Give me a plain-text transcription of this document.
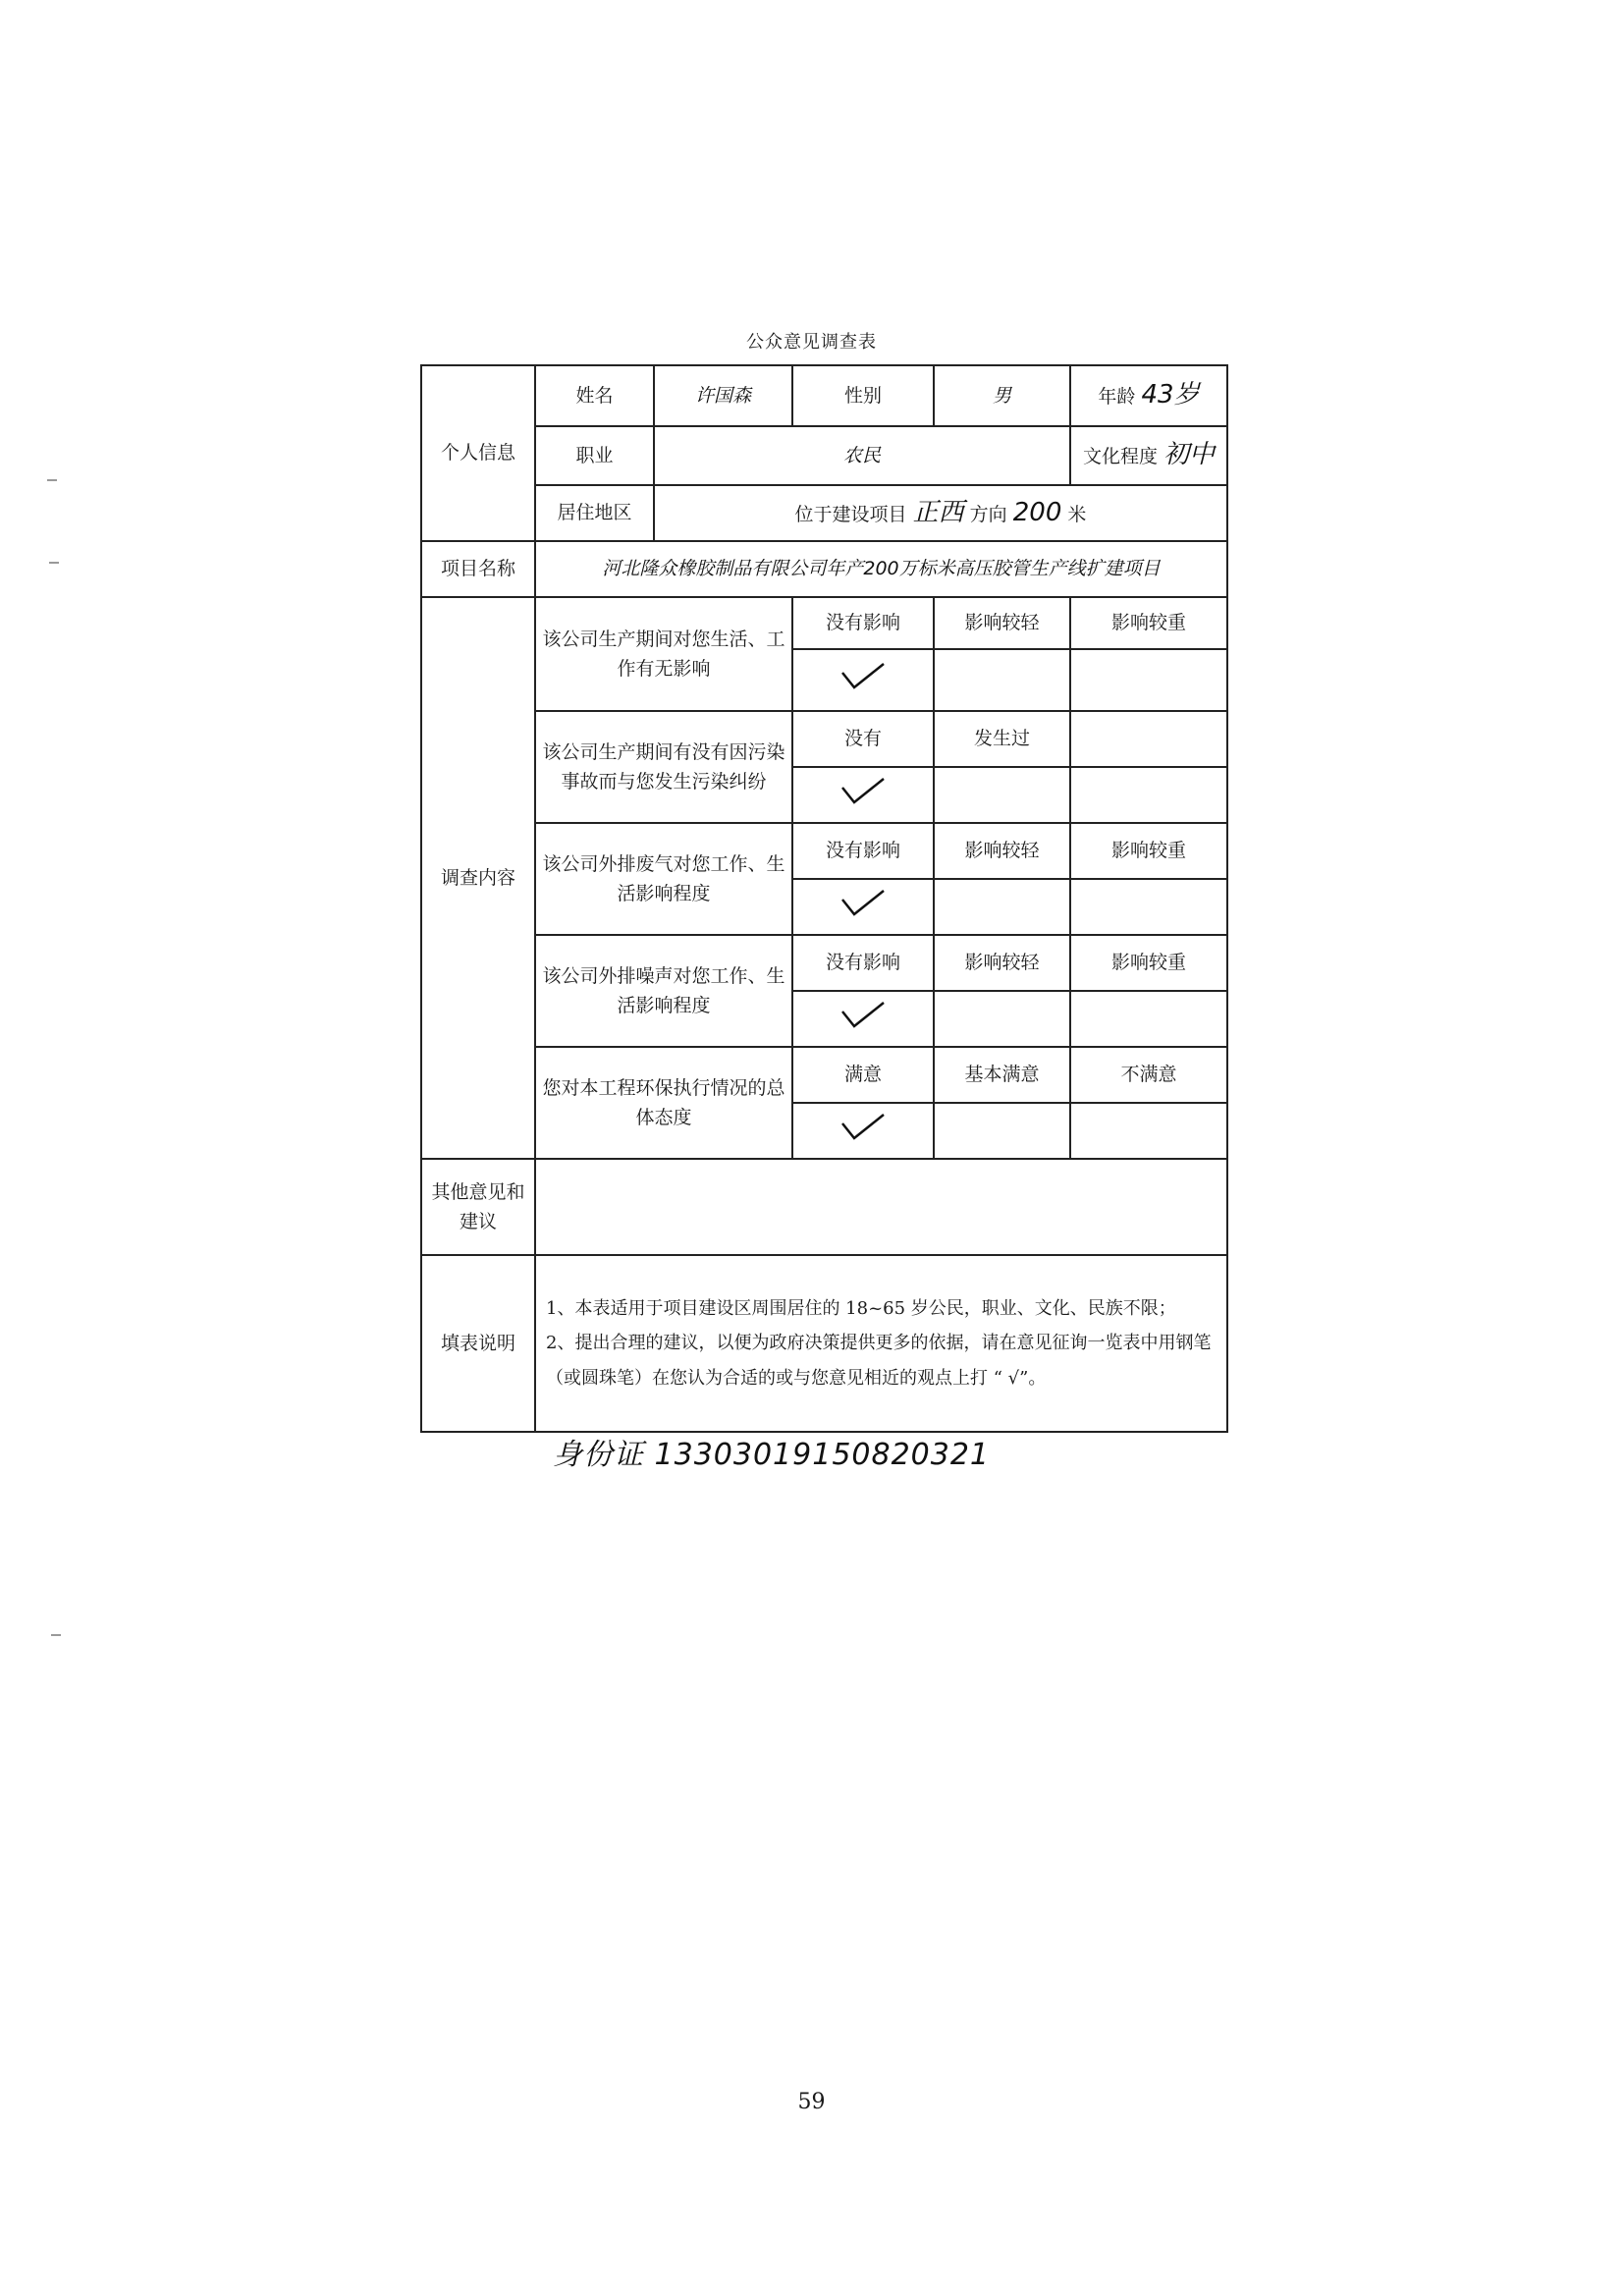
公众意见调查表
个人信息	姓名	许国森	性别	男	年龄 43岁
	职业	农民			文化程度 初中
	居住地区	位于建设项目 正西 方向 200 米			
项目名称	河北隆众橡胶制品有限公司年产200万标米高压胶管生产线扩建项目				
调查内容	该公司生产期间对您生活、工作有无影响		没有影响	影响较轻	影响较重

	该公司生产期间有没有因污染事故而与您发生污染纠纷		没有	发生过	

	该公司外排废气对您工作、生活影响程度		没有影响	影响较轻	影响较重

	该公司外排噪声对您工作、生活影响程度		没有影响	影响较轻	影响较重

	您对本工程环保执行情况的总体态度		满意	基本满意	不满意

其他意见和建议					
填表说明	1、本表适用于项目建设区周围居住的 18~65 岁公民，职业、文化、民族不限；
2、提出合理的建议，以便为政府决策提供更多的依据，请在意见征询一览表中用钢笔（或圆珠笔）在您认为合适的或与您意见相近的观点上打 “ √”。				
身份证 13303019150820321
59
